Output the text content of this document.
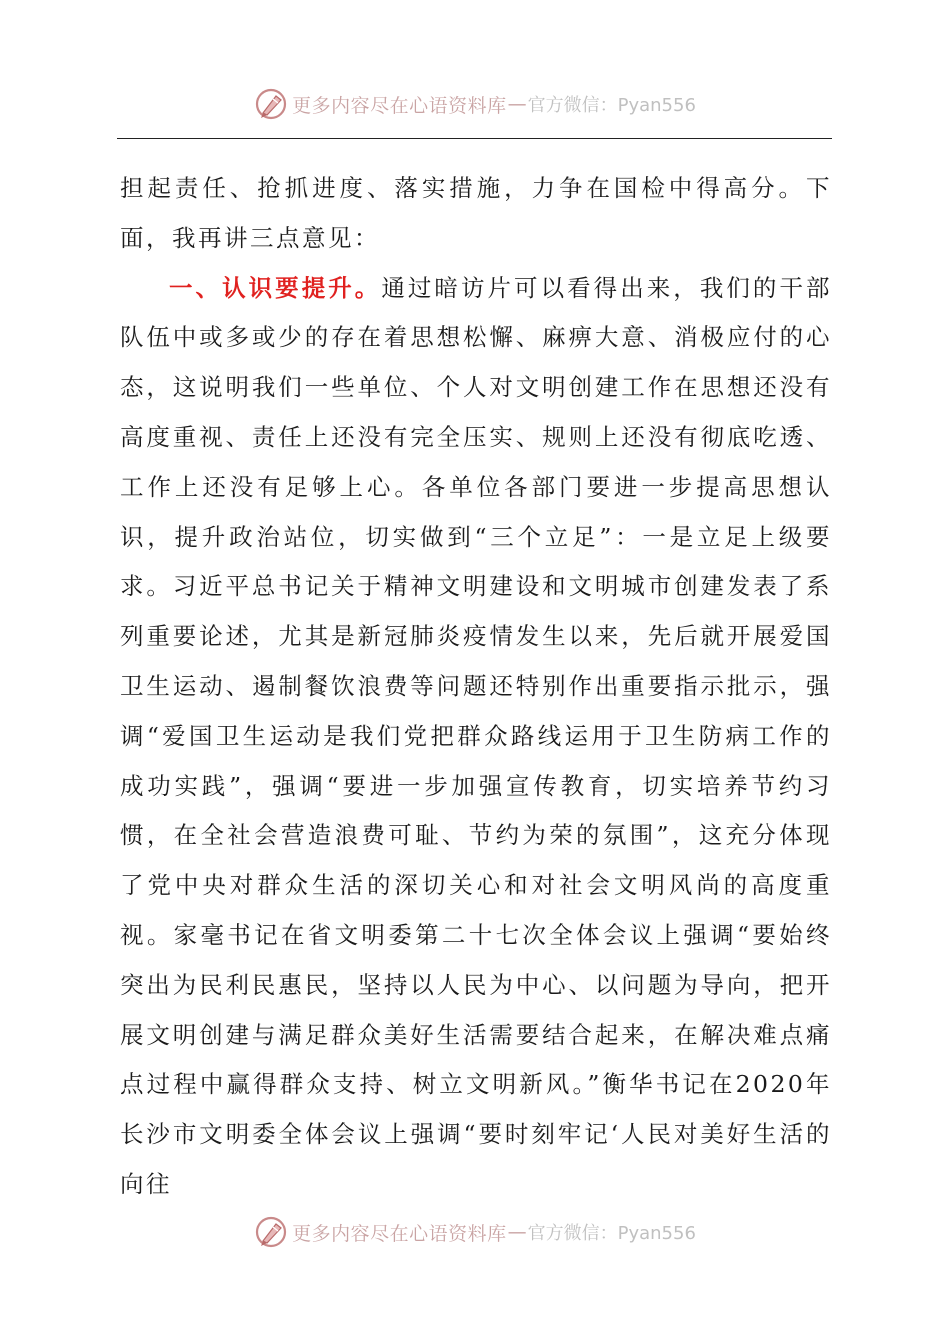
更多内容尽在心语资料库 — 官方微信：Pyan556

担起责任、抢抓进度、落实措施，力争在国检中得高分。下面，我再讲三点意见：

一、认识要提升。通过暗访片可以看得出来，我们的干部队伍中或多或少的存在着思想松懈、麻痹大意、消极应付的心态，这说明我们一些单位、个人对文明创建工作在思想还没有高度重视、责任上还没有完全压实、规则上还没有彻底吃透、工作上还没有足够上心。各单位各部门要进一步提高思想认识，提升政治站位，切实做到“三个立足”：一是立足上级要求。习近平总书记关于精神文明建设和文明城市创建发表了系列重要论述，尤其是新冠肺炎疫情发生以来，先后就开展爱国卫生运动、遏制餐饮浪费等问题还特别作出重要指示批示，强调“爱国卫生运动是我们党把群众路线运用于卫生防病工作的成功实践”，强调“要进一步加强宣传教育，切实培养节约习惯，在全社会营造浪费可耻、节约为荣的氛围”，这充分体现了党中央对群众生活的深切关心和对社会文明风尚的高度重视。家毫书记在省文明委第二十七次全体会议上强调“要始终突出为民利民惠民，坚持以人民为中心、以问题为导向，把开展文明创建与满足群众美好生活需要结合起来，在解决难点痛点过程中赢得群众支持、树立文明新风。”衡华书记在2020年长沙市文明委全体会议上强调“要时刻牢记‘人民对美好生活的向往

更多内容尽在心语资料库 — 官方微信：Pyan556
